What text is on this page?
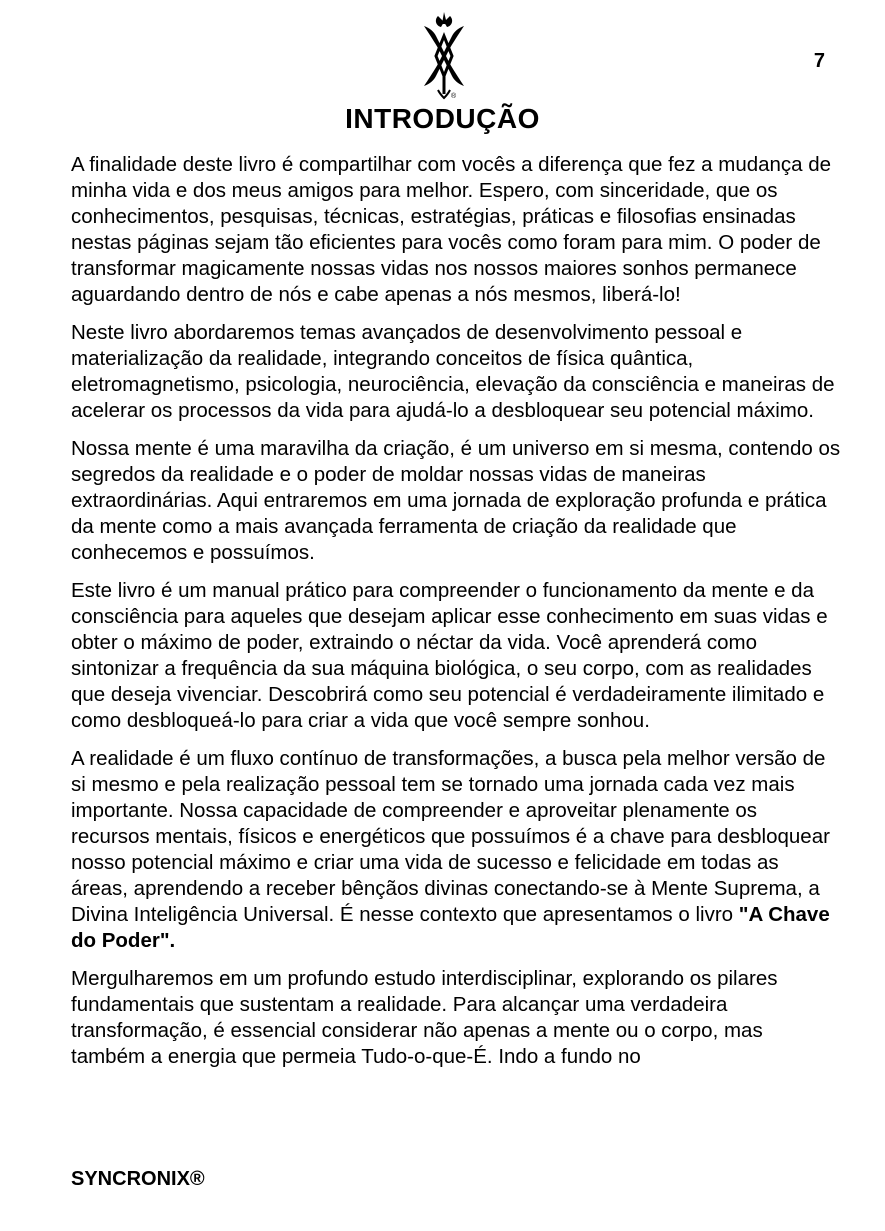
7
®
INTRODUÇÃO

A finalidade deste livro é compartilhar com vocês a diferença que fez a mudança de minha vida e dos meus amigos para melhor. Espero, com sinceridade, que os conhecimentos, pesquisas, técnicas, estratégias, práticas e filosofias ensinadas nestas páginas sejam tão eficientes para vocês como foram para mim. O poder de transformar magicamente nossas vidas nos nossos maiores sonhos permanece aguardando dentro de nós e cabe apenas a nós mesmos, liberá-lo!

Neste livro abordaremos temas avançados de desenvolvimento pessoal e materialização da realidade, integrando conceitos de física quântica, eletromagnetismo, psicologia, neurociência, elevação da consciência e maneiras de acelerar os processos da vida para ajudá-lo a desbloquear seu potencial máximo.

Nossa mente é uma maravilha da criação, é um universo em si mesma, contendo os segredos da realidade e o poder de moldar nossas vidas de maneiras extraordinárias. Aqui entraremos em uma jornada de exploração profunda e prática da mente como a mais avançada ferramenta de criação da realidade que conhecemos e possuímos.

Este livro é um manual prático para compreender o funcionamento da mente e da consciência para aqueles que desejam aplicar esse conhecimento em suas vidas e obter o máximo de poder, extraindo o néctar da vida. Você aprenderá como sintonizar a frequência da sua máquina biológica, o seu corpo, com as realidades que deseja vivenciar. Descobrirá como seu potencial é verdadeiramente ilimitado e como desbloqueá-lo para criar a vida que você sempre sonhou.

A realidade é um fluxo contínuo de transformações, a busca pela melhor versão de si mesmo e pela realização pessoal tem se tornado uma jornada cada vez mais importante. Nossa capacidade de compreender e aproveitar plenamente os recursos mentais, físicos e energéticos que possuímos é a chave para desbloquear nosso potencial máximo e criar uma vida de sucesso e felicidade em todas as áreas, aprendendo a receber bênçãos divinas conectando-se à Mente Suprema, a Divina Inteligência Universal. É nesse contexto que apresentamos o livro "A Chave do Poder".

Mergulharemos em um profundo estudo interdisciplinar, explorando os pilares fundamentais que sustentam a realidade. Para alcançar uma verdadeira transformação, é essencial considerar não apenas a mente ou o corpo, mas também a energia que permeia Tudo-o-que-É. Indo a fundo no

SYNCRONIX®
